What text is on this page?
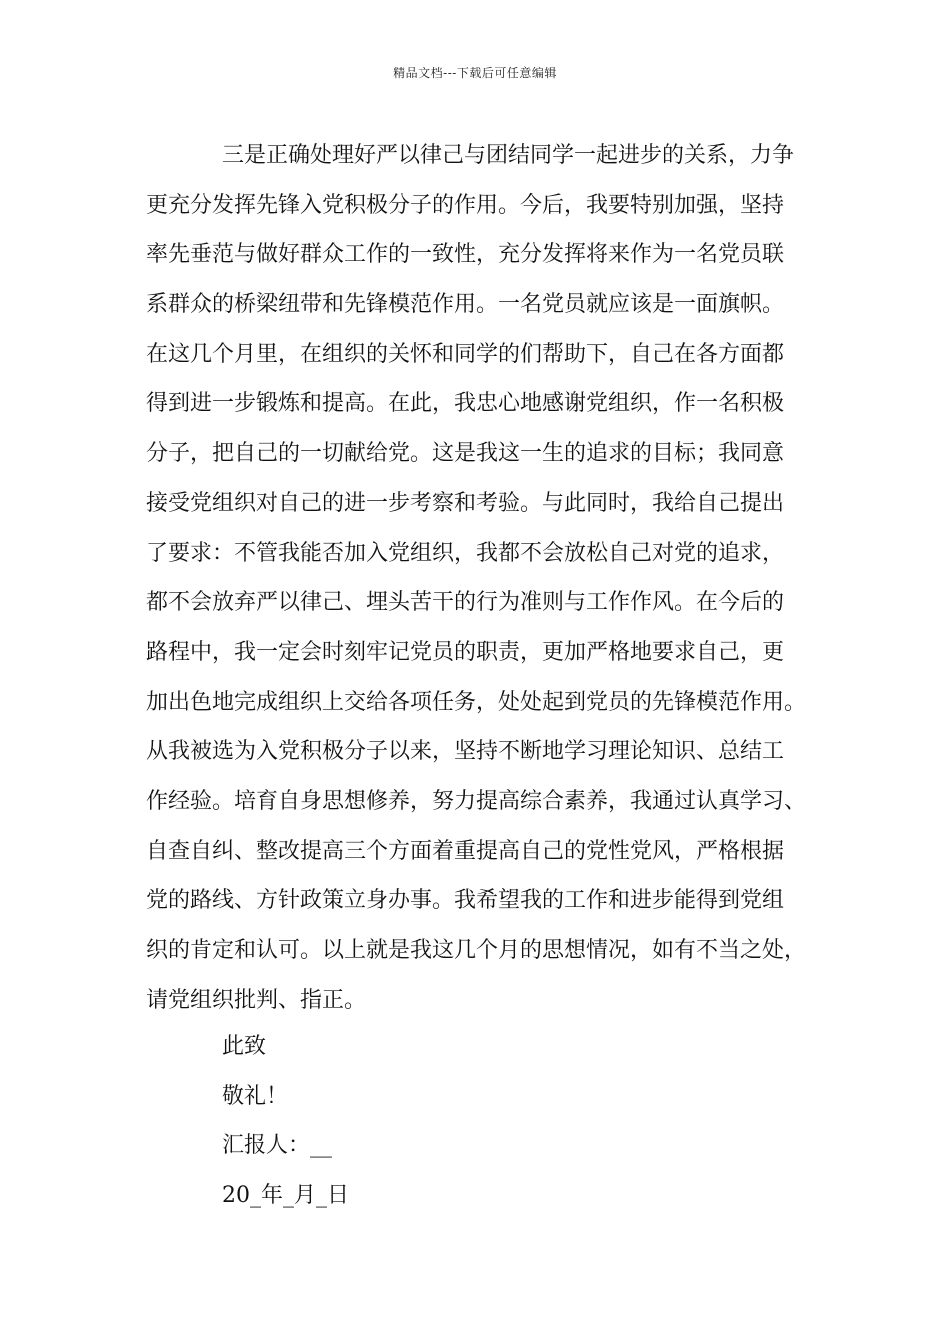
精品文档---下载后可任意编辑
三是正确处理好严以律己与团结同学一起进步的关系，力争
更充分发挥先锋入党积极分子的作用。今后，我要特别加强，坚持
率先垂范与做好群众工作的一致性，充分发挥将来作为一名党员联
系群众的桥梁纽带和先锋模范作用。一名党员就应该是一面旗帜。
在这几个月里，在组织的关怀和同学的们帮助下，自己在各方面都
得到进一步锻炼和提高。在此，我忠心地感谢党组织，作一名积极
分子，把自己的一切献给党。这是我这一生的追求的目标；我同意
接受党组织对自己的进一步考察和考验。与此同时，我给自己提出
了要求：不管我能否加入党组织，我都不会放松自己对党的追求，
都不会放弃严以律己、埋头苦干的行为准则与工作作风。在今后的
路程中，我一定会时刻牢记党员的职责，更加严格地要求自己，更
加出色地完成组织上交给各项任务，处处起到党员的先锋模范作用。
从我被选为入党积极分子以来，坚持不断地学习理论知识、总结工
作经验。培育自身思想修养，努力提高综合素养，我通过认真学习、
自查自纠、整改提高三个方面着重提高自己的党性党风，严格根据
党的路线、方针政策立身办事。我希望我的工作和进步能得到党组
织的肯定和认可。以上就是我这几个月的思想情况，如有不当之处，
请党组织批判、指正。
此致
敬礼！
汇报人：__
20_年_月_日
